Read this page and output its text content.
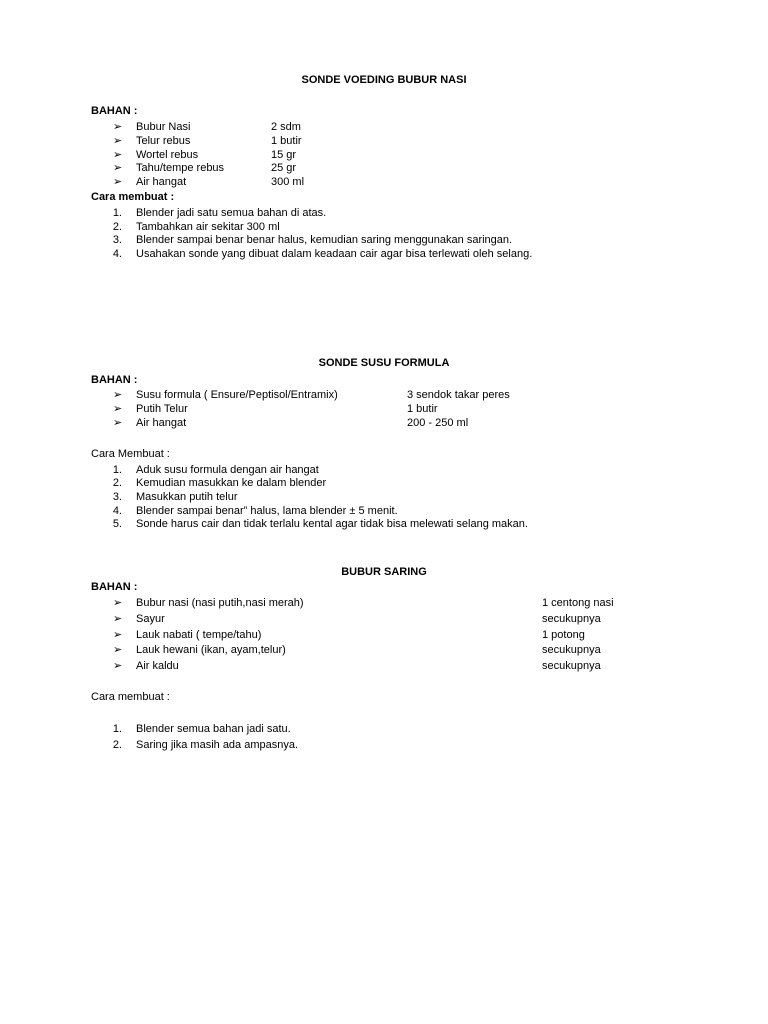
SONDE VOEDING BUBUR NASI
BAHAN :
➢ Bubur Nasi	2 sdm
➢ Telur rebus	1 butir
➢ Wortel rebus	15 gr
➢ Tahu/tempe rebus	25 gr
➢ Air hangat	300 ml
Cara membuat :
1. Blender jadi satu semua bahan di atas.
2. Tambahkan air sekitar 300 ml
3. Blender sampai benar benar halus, kemudian saring menggunakan saringan.
4. Usahakan sonde yang dibuat dalam keadaan cair agar bisa terlewati oleh selang.
SONDE SUSU FORMULA
BAHAN :
➢ Susu formula ( Ensure/Peptisol/Entramix)	3 sendok takar peres
➢ Putih Telur	1 butir
➢ Air hangat	200 - 250 ml
Cara Membuat :
1. Aduk susu formula dengan air hangat
2. Kemudian masukkan ke dalam blender
3. Masukkan putih telur
4. Blender sampai benar” halus, lama blender ± 5 menit.
5. Sonde harus cair dan tidak terlalu kental agar tidak bisa melewati selang makan.
BUBUR SARING
BAHAN :
➢ Bubur nasi (nasi putih,nasi merah)	1 centong nasi
➢ Sayur	secukupnya
➢ Lauk nabati ( tempe/tahu)	1 potong
➢ Lauk hewani (ikan, ayam,telur)	secukupnya
➢ Air kaldu	secukupnya
Cara membuat :
1. Blender semua bahan jadi satu.
2. Saring jika masih ada ampasnya.
